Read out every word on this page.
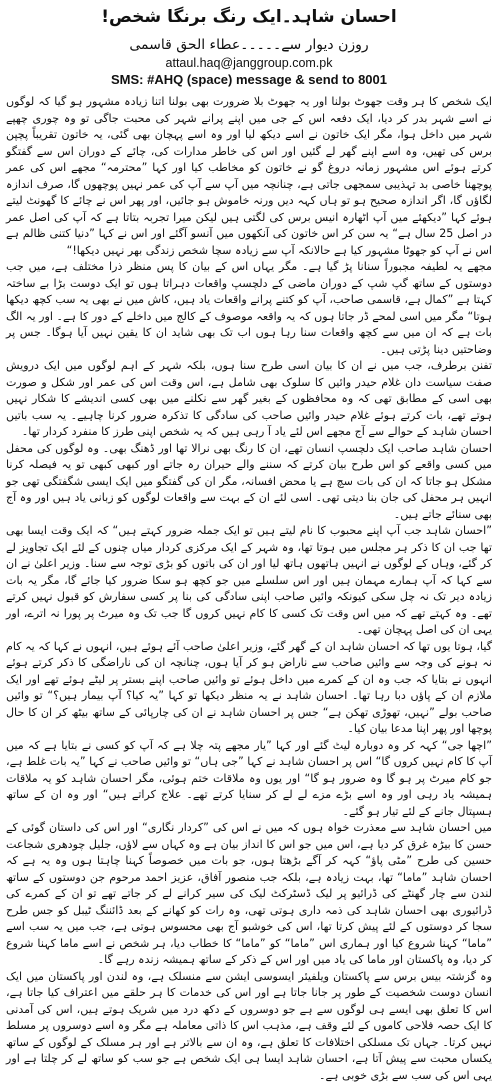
احسان شاہد۔ایک رنگ برنگا شخص!
روزن دیوار سے۔۔۔۔۔عطاء الحق قاسمی
attaul.haq@janggroup.com.pk
SMS: #AHQ (space) message & send to 8001

ایک شخص کا ہر وقت جھوٹ بولنا اور یہ جھوٹ بلا ضرورت بھی بولنا اتنا زیادہ مشہور ہو گیا کہ لوگوں نے اسے شہر بدر کر دیا، ایک دفعہ اس کے جی میں اپنے پرانے شہر کی محبت جاگی تو وہ چوری چھپے شہر میں داخل ہوا، مگر ایک خاتون نے اسے دیکھ لیا اور وہ اسے پہچان بھی گئی، یہ خاتون تقریباً پچپن برس کی تھیں، وہ اسے اپنے گھر لے گئیں اور اس کی خاطر مدارات کی، چائے کے دوران اس سے گفتگو کرتے ہوئے اس مشہور زمانہ دروغ گو نے خاتون کو مخاطب کیا اور کہا ”محترمہ“ مجھے اس کی عمر پوچھنا خاصی بد تہذیبی سمجھی جاتی ہے، چنانچہ میں آپ سے آپ کی عمر نہیں پوچھوں گا، صرف اندازہ لگاؤں گا، اگر اندازہ صحیح ہو تو ہاں کہہ دیں ورنہ خاموش ہو جائیں، اور پھر اس نے چائے کا گھونٹ لیتے ہوئے کہا ”دیکھئے میں آپ اٹھارہ انیس برس کی لگتی ہیں لیکن میرا تجربہ بتاتا ہے کہ آپ کی اصل عمر در اصل 25 سال ہے“ یہ سن کر اس خاتون کی آنکھوں میں آنسو آگئے اور اس نے کہا ”دنیا کتنی ظالم ہے اس نے آپ کو جھوٹا مشہور کیا ہے حالانکہ آپ سے زیادہ سچا شخص زندگی بھر نہیں دیکھا!“

مجھے یہ لطیفہ مجبوراً سنانا پڑ گیا ہے۔ مگر یہاں اس کے بیان کا پس منظر ذرا مختلف ہے، میں جب دوستوں کے ساتھ گپ شپ کے دوران ماضی کے دلچسپ واقعات دہراتا ہوں تو ایک دوست بڑا بے ساختہ کہتا ہے ”کمال ہے، قاسمی صاحب، آپ کو کتنے پرانے واقعات یاد ہیں، کاش میں نے بھی یہ سب کچھ دیکھا ہوتا“ مگر میں اسی لمحے ڈر جاتا ہوں کہ یہ واقعہ موصوف کے کالج میں داخلے کے دور کا ہے۔ اور یہ الگ بات ہے کہ ان میں سے کچھ واقعات سنا رہا ہوں اب تک بھی شاید ان کا یقین نہیں آیا ہوگا۔ جس پر وضاحتیں دینا پڑتی ہیں۔

تفنن برطرف، جب میں نے ان کا بیان اسی طرح سنا ہوں، بلکہ شہر کے اہم لوگوں میں ایک درویش صفت سیاست دان غلام حیدر وائیں کا سلوک بھی شامل ہے، اس وقت اس کی عمر اور شکل و صورت بھی اسی کے مطابق تھی کہ وہ محافظوں کے بغیر گھر سے نکلنے میں بھی کسی اندیشے کا شکار نہیں ہوتے تھے، بات کرتے ہوئے غلام حیدر وائیں صاحب کی سادگی کا تذکرہ ضرور کرنا چاہیے۔ یہ سب باتیں احسان شاہد کے حوالے سے آج مجھے اس لئے یاد آ رہی ہیں کہ یہ شخص اپنی طرز کا منفرد کردار تھا۔

احسان شاہد صاحب ایک دلچسپ انسان تھے، ان کا رنگ بھی نرالا تھا اور ڈھنگ بھی۔ وہ لوگوں کی محفل میں کسی واقعے کو اس طرح بیان کرتے کہ سننے والے حیران رہ جاتے اور کبھی کبھی تو یہ فیصلہ کرنا مشکل ہو جاتا کہ ان کی بات سچ ہے یا محض افسانہ، مگر ان کی گفتگو میں ایک ایسی شگفتگی تھی جو انہیں ہر محفل کی جان بنا دیتی تھی۔ اسی لئے ان کے بہت سے واقعات لوگوں کو زبانی یاد ہیں اور وہ آج بھی سنائے جاتے ہیں۔

”احسان شاہد جب آپ اپنے محبوب کا نام لیتے ہیں تو ایک جملہ ضرور کہتے ہیں“ کہ ایک وقت ایسا بھی تھا جب ان کا ذکر ہر مجلس میں ہوتا تھا، وہ شہر کے ایک مرکزی کردار میاں چنوں کے لئے ایک تجاویز لے کر گئے، وہاں کے لوگوں نے انہیں ہاتھوں ہاتھ لیا اور ان کی باتوں کو بڑی توجہ سے سنا۔ وزیر اعلیٰ نے ان سے کہا کہ آپ ہمارے مہمان ہیں اور اس سلسلے میں جو کچھ ہو سکا ضرور کیا جائے گا، مگر یہ بات زیادہ دیر تک نہ چل سکی کیونکہ وائیں صاحب اپنی سادگی کی بنا پر کسی سفارش کو قبول نہیں کرتے تھے۔ وہ کہتے تھے کہ میں اس وقت تک کسی کا کام نہیں کروں گا جب تک وہ میرٹ پر پورا نہ اترے، اور یہی ان کی اصل پہچان تھی۔

گیا، ہوتا یوں تھا کہ احسان شاہد ان کے گھر گئے، وزیر اعلیٰ صاحب آئے ہوئے ہیں، انہوں نے کہا کہ یہ کام نہ ہونے کی وجہ سے وائیں صاحب سے ناراض ہو کر آیا ہوں، چنانچہ ان کی ناراضگی کا ذکر کرتے ہوئے انہوں نے بتایا کہ جب وہ ان کے کمرے میں داخل ہوئے تو وائیں صاحب اپنے بستر پر لیٹے ہوئے تھے اور ایک ملازم ان کے پاؤں دبا رہا تھا۔ احسان شاہد نے یہ منظر دیکھا تو کہا ”یہ کیا؟ آپ بیمار ہیں؟“ تو وائیں صاحب بولے ”نہیں، تھوڑی تھکن ہے“ جس پر احسان شاہد نے ان کی چارپائی کے ساتھ بیٹھ کر ان کا حال پوچھا اور پھر اپنا مدعا بیان کیا۔

”اچھا جی“ کہہ کر وہ دوبارہ لیٹ گئے اور کہا ”یار مجھے پتہ چلا ہے کہ آپ کو کسی نے بتایا ہے کہ میں آپ کا کام نہیں کروں گا“ اس پر احسان شاہد نے کہا ”جی ہاں“ تو وائیں صاحب نے کہا ”یہ بات غلط ہے، جو کام میرٹ پر ہو گا وہ ضرور ہو گا“ اور یوں وہ ملاقات ختم ہوئی، مگر احسان شاہد کو یہ ملاقات ہمیشہ یاد رہی اور وہ اسے بڑے مزے لے لے کر سنایا کرتے تھے۔ علاج کراتے ہیں“ اور وہ ان کے ساتھ ہسپتال جانے کے لئے تیار ہو گئے۔

میں احسان شاہد سے معذرت خواہ ہوں کہ میں نے اس کی ”کردار نگاری“ اور اس کی داستان گوئی کے حسن کا بیڑہ غرق کر دیا ہے، اس میں جو اس کا انداز بیان ہے وہ کہاں سے لاؤں، جلیل چودھری شجاعت حسین کی طرح ”مٹی پاؤ“ کہہ کر آگے بڑھتا ہوں، جو بات میں خصوصاً کہنا چاہتا ہوں وہ یہ ہے کہ احسان شاہد ”ماما“ تھا، بہت زیادہ ہے، بلکہ جب منصور آفاق، عزیز احمد مرحوم جن دوستوں کے ساتھ لندن سے چار گھنٹے کی ڈرائیو پر لیک ڈسٹرکٹ لیک کی سیر کرانے لے کر جاتے تھے تو ان کے کمرے کی ڈرائیوری بھی احسان شاہد کی ذمہ داری ہوتی تھی، وہ رات کو کھانے کے بعد ڈائننگ ٹیبل کو جس طرح سجا کر دوستوں کے لئے پیش کرتا تھا، اس کی خوشبو آج بھی محسوس ہوتی ہے، جب میں یہ سب اسے ”ماما“ کہنا شروع کیا اور ہماری اس ”ماما“ کو ”ماما“ کا خطاب دیا، ہر شخص نے اسے ماما کہنا شروع کر دیا، وہ پاکستان اور ماما کی یاد میں اور اس کے ذکر کے ساتھ ہمیشہ زندہ رہے گا۔

وہ گزشتہ بیس برس سے پاکستان ویلفیئر ایسوسی ایشن سے منسلک ہے، وہ لندن اور پاکستان میں ایک انسان دوست شخصیت کے طور پر جانا جاتا ہے اور اس کی خدمات کا ہر حلقے میں اعتراف کیا جاتا ہے، اس کا تعلق بھی ایسے ہی لوگوں سے ہے جو دوسروں کے دکھ درد میں شریک ہوتے ہیں، اس کی آمدنی کا ایک حصہ فلاحی کاموں کے لئے وقف ہے، مذہب اس کا ذاتی معاملہ ہے مگر وہ اسے دوسروں پر مسلط نہیں کرتا۔ جہاں تک مسلکی اختلافات کا تعلق ہے، وہ ان سے بالاتر ہے اور ہر مسلک کے لوگوں کے ساتھ یکساں محبت سے پیش آتا ہے، احسان شاہد ایسا ہی ایک شخص ہے جو سب کو ساتھ لے کر چلتا ہے اور یہی اس کی سب سے بڑی خوبی ہے۔
